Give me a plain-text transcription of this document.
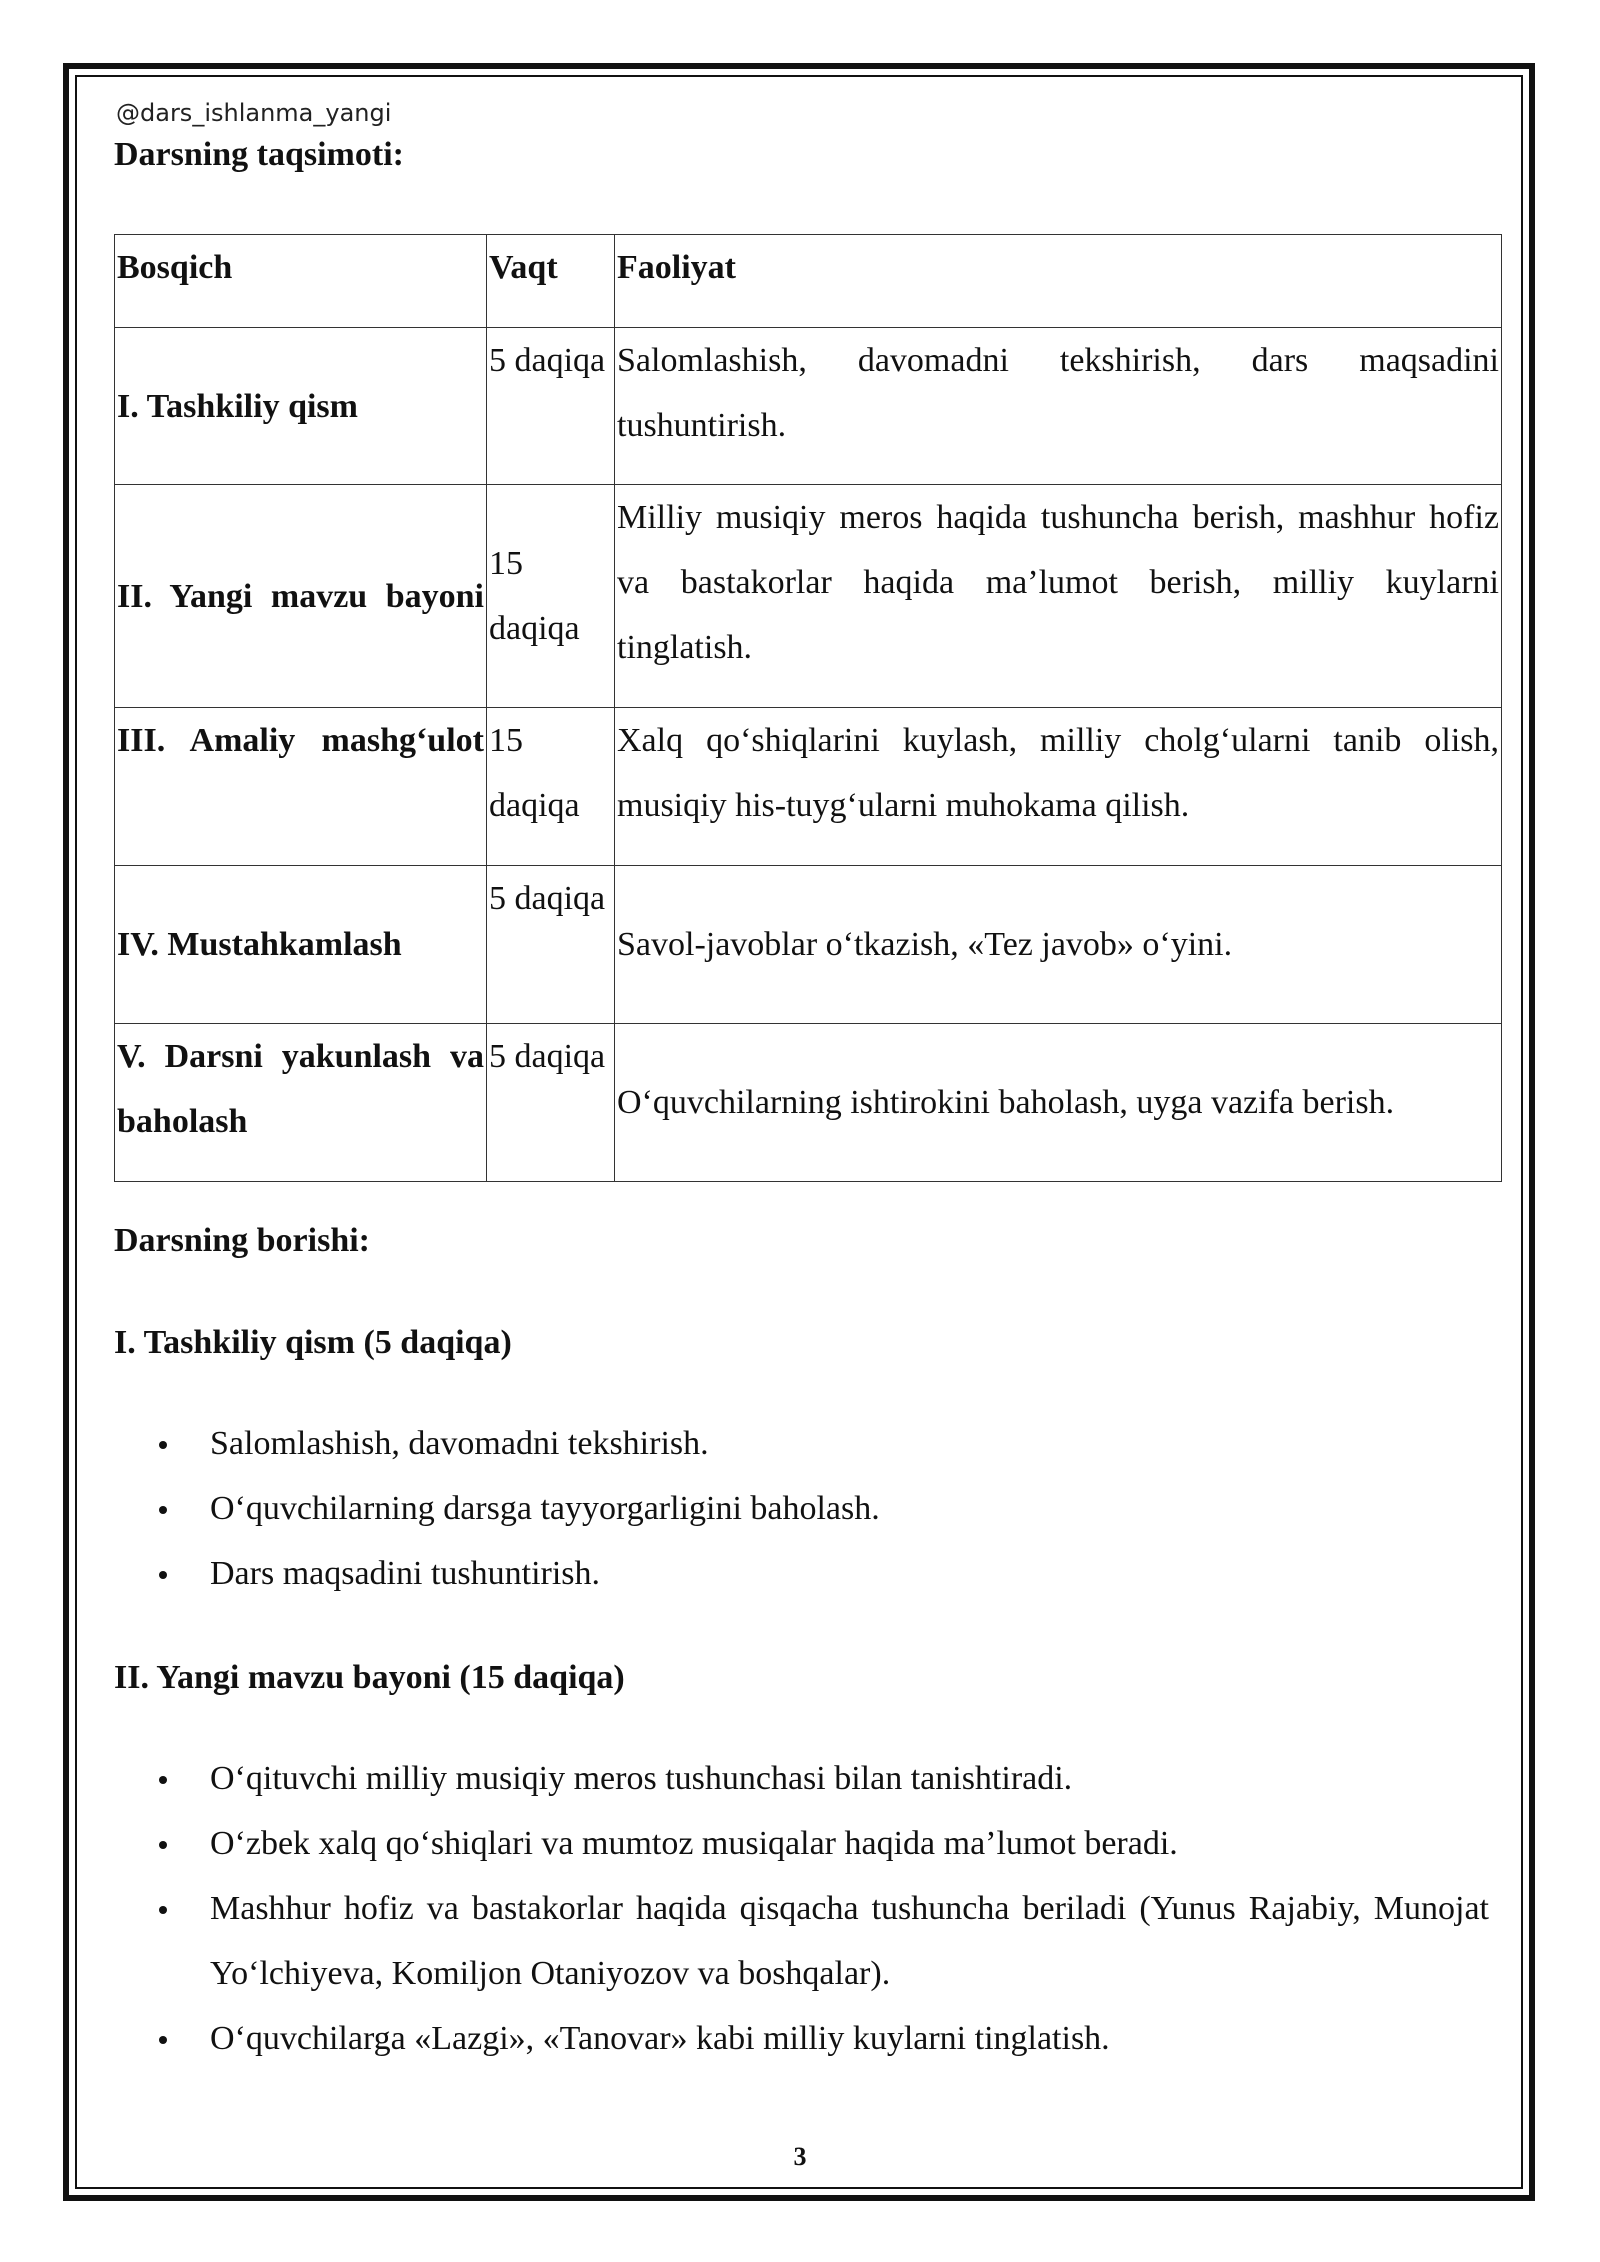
@dars_ishlanma_yangi

Darsning taqsimoti:

Bosqich	Vaqt	Faoliyat
I. Tashkiliy qism	5 daqiqa	Salomlashish, davomadni tekshirish, dars maqsadini tushuntirish.
II. Yangi mavzu bayoni	15 daqiqa	Milliy musiqiy meros haqida tushuncha berish, mashhur hofiz va bastakorlar haqida ma’lumot berish, milliy kuylarni tinglatish.
III. Amaliy mashg‘ulot	15 daqiqa	Xalq qo‘shiqlarini kuylash, milliy cholg‘ularni tanib olish, musiqiy his-tuyg‘ularni muhokama qilish.
IV. Mustahkamlash	5 daqiqa	Savol-javoblar o‘tkazish, «Tez javob» o‘yini.
V. Darsni yakunlash va baholash	5 daqiqa	O‘quvchilarning ishtirokini baholash, uyga vazifa berish.
Darsning borishi:
I. Tashkiliy qism (5 daqiqa)
Salomlashish, davomadni tekshirish.
O‘quvchilarning darsga tayyorgarligini baholash.
Dars maqsadini tushuntirish.
II. Yangi mavzu bayoni (15 daqiqa)
O‘qituvchi milliy musiqiy meros tushunchasi bilan tanishtiradi.
O‘zbek xalq qo‘shiqlari va mumtoz musiqalar haqida ma’lumot beradi.
Mashhur hofiz va bastakorlar haqida qisqacha tushuncha beriladi (Yunus Rajabiy, Munojat Yo‘lchiyeva, Komiljon Otaniyozov va boshqalar).
O‘quvchilarga «Lazgi», «Tanovar» kabi milliy kuylarni tinglatish.
3
